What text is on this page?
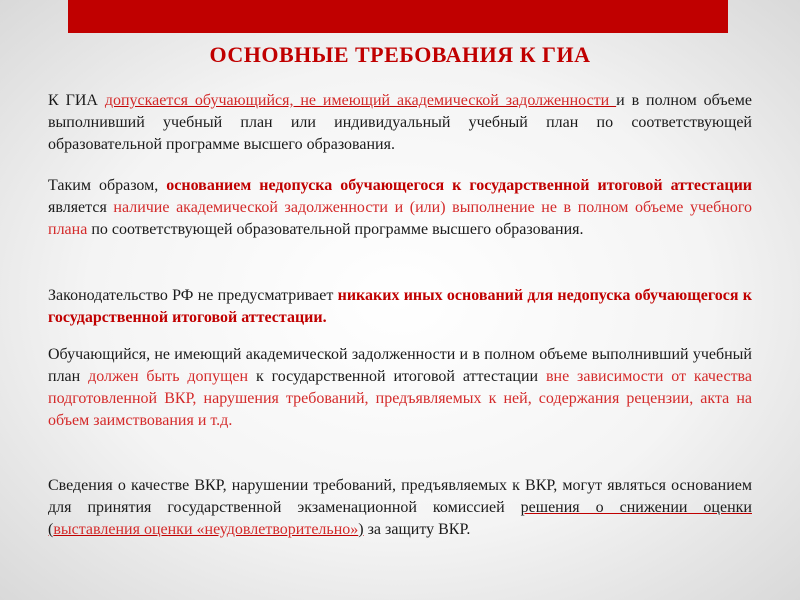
ОСНОВНЫЕ ТРЕБОВАНИЯ К ГИА

К ГИА допускается обучающийся, не имеющий академической задолженности и в полном объеме выполнивший учебный план или индивидуальный учебный план по соответствующей образовательной программе высшего образования.

Таким образом, основанием недопуска обучающегося к государственной итоговой аттестации является наличие академической задолженности и (или) выполнение не в полном объеме учебного плана по соответствующей образовательной программе высшего образования.

Законодательство РФ не предусматривает никаких иных оснований для недопуска обучающегося к государственной итоговой аттестации.

Обучающийся, не имеющий академической задолженности и в полном объеме выполнивший учебный план должен быть допущен к государственной итоговой аттестации вне зависимости от качества подготовленной ВКР, нарушения требований, предъявляемых к ней, содержания рецензии, акта на объем заимствования и т.д.

Сведения о качестве ВКР, нарушении требований, предъявляемых к ВКР, могут являться основанием для принятия государственной экзаменационной комиссией решения о снижении оценки (выставления оценки «неудовлетворительно») за защиту ВКР.
